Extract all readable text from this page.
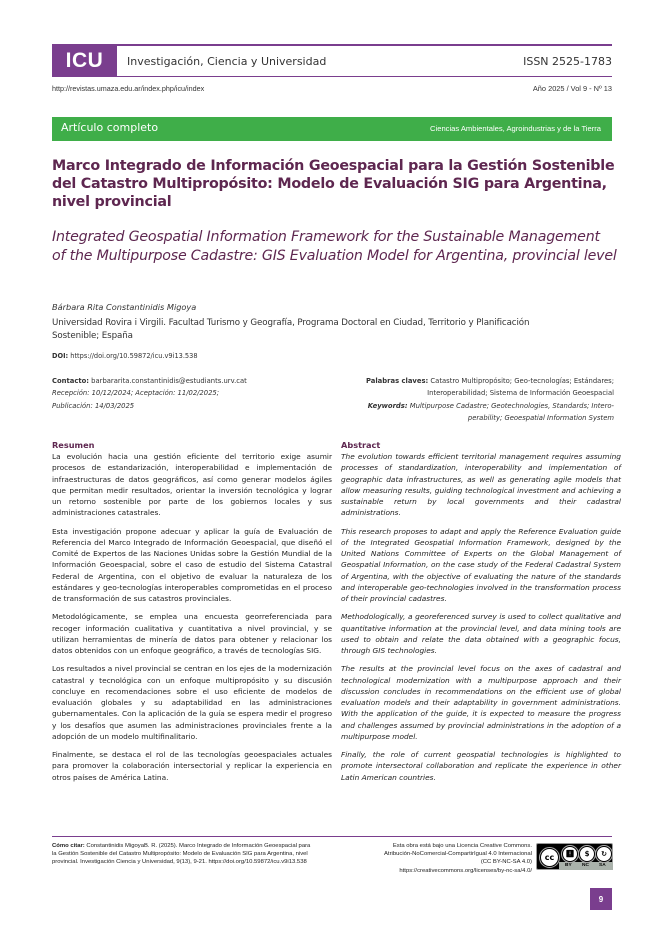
ICU	Investigación, Ciencia y Universidad	ISSN 2525-1783
http://revistas.umaza.edu.ar/index.php/icu/index	Año 2025 / Vol 9 - Nº 13
Artículo completo	Ciencias Ambientales, Agroindustrias y de la Tierra
Marco Integrado de Información Geoespacial para la Gestión Sostenible del Catastro Multipropósito: Modelo de Evaluación SIG para Argentina, nivel provincial
Integrated Geospatial Information Framework for the Sustainable Management of the Multipurpose Cadastre: GIS Evaluation Model for Argentina, provincial level
Bárbara Rita Constantinidis Migoya
Universidad Rovira i Virgili. Facultad Turismo y Geografía, Programa Doctoral en Ciudad, Territorio y Planificación Sostenible; España
DOI: https://doi.org/10.59872/icu.v9i13.538
Contacto: barbararita.constantinidis@estudiants.urv.cat
Recepción: 10/12/2024; Aceptación: 11/02/2025;
Publicación: 14/03/2025
Palabras claves: Catastro Multipropósito; Geo-tecnologías; Estándares;
Interoperabilidad; Sistema de Información Geoespacial
Keywords: Multipurpose Cadastre; Geotechnologies, Standards; Intero-
perability; Geoespatial Information System
Resumen

La evolución hacia una gestión eficiente del territorio exige asumir procesos de estandarización, interoperabilidad e implementación de infraestructuras de datos geográficos, así como generar modelos ágiles que permitan medir resultados, orientar la inversión tecnológica y lograr un retorno sostenible por parte de los gobiernos locales y sus administraciones catastrales.

Esta investigación propone adecuar y aplicar la guía de Evaluación de Referencia del Marco Integrado de Información Geoespacial, que diseñó el Comité de Expertos de las Naciones Unidas sobre la Gestión Mundial de la Información Geoespacial, sobre el caso de estudio del Sistema Catastral Federal de Argentina, con el objetivo de evaluar la naturaleza de los estándares y geo-tecnologías interoperables comprometidas en el proceso de transformación de sus catastros provinciales.

Metodológicamente, se emplea una encuesta georreferenciada para recoger información cualitativa y cuantitativa a nivel provincial, y se utilizan herramientas de minería de datos para obtener y relacionar los datos obtenidos con un enfoque geográfico, a través de tecnologías SIG.

Los resultados a nivel provincial se centran en los ejes de la modernización catastral y tecnológica con un enfoque multipropósito y su discusión concluye en recomendaciones sobre el uso eficiente de modelos de evaluación globales y su adaptabilidad en las administraciones gubernamentales. Con la aplicación de la guía se espera medir el progreso y los desafíos que asumen las administraciones provinciales frente a la adopción de un modelo multifinalitario.

Finalmente, se destaca el rol de las tecnologías geoespaciales actuales para promover la colaboración intersectorial y replicar la experiencia en otros países de América Latina.

Abstract

The evolution towards efficient territorial management requires assuming processes of standardization, interoperability and implementation of geographic data infrastructures, as well as generating agile models that allow measuring results, guiding technological investment and achieving a sustainable return by local governments and their cadastral administrations.

This research proposes to adapt and apply the Reference Evaluation guide of the Integrated Geospatial Information Framework, designed by the United Nations Committee of Experts on the Global Management of Geospatial Information, on the case study of the Federal Cadastral System of Argentina, with the objective of evaluating the nature of the standards and interoperable geo-technologies involved in the transformation process of their provincial cadastres.

Methodologically, a georeferenced survey is used to collect qualitative and quantitative information at the provincial level, and data mining tools are used to obtain and relate the data obtained with a geographic focus, through GIS technologies.

The results at the provincial level focus on the axes of cadastral and technological modernization with a multipurpose approach and their discussion concludes in recommendations on the efficient use of global evaluation models and their adaptability in government administrations. With the application of the guide, it is expected to measure the progress and challenges assumed by provincial administrations in the adoption of a multipurpose model.

Finally, the role of current geospatial technologies is highlighted to promote intersectoral collaboration and replicate the experience in other Latin American countries.

Cómo citar: Constantinidis MigoyaB. R. (2025). Marco Integrado de Información Geoespacial para la Gestión Sostenible del Catastro Multipropósito: Modelo de Evaluación SIG para Argentina, nivel provincial. Investigación Ciencia y Universidad, 9(13), 9-21. https://doi.org/10.59872/icu.v9i13.538
Esta obra está bajo una Licencia Creative Commons.
Atribución-NoComercial-CompartirIgual 4.0 Internacional
(CC BY-NC-SA 4.0)
https://creativecommons.org/licenses/by-nc-sa/4.0/
cc	🚹︎	$	↻
BY NC SA
9
